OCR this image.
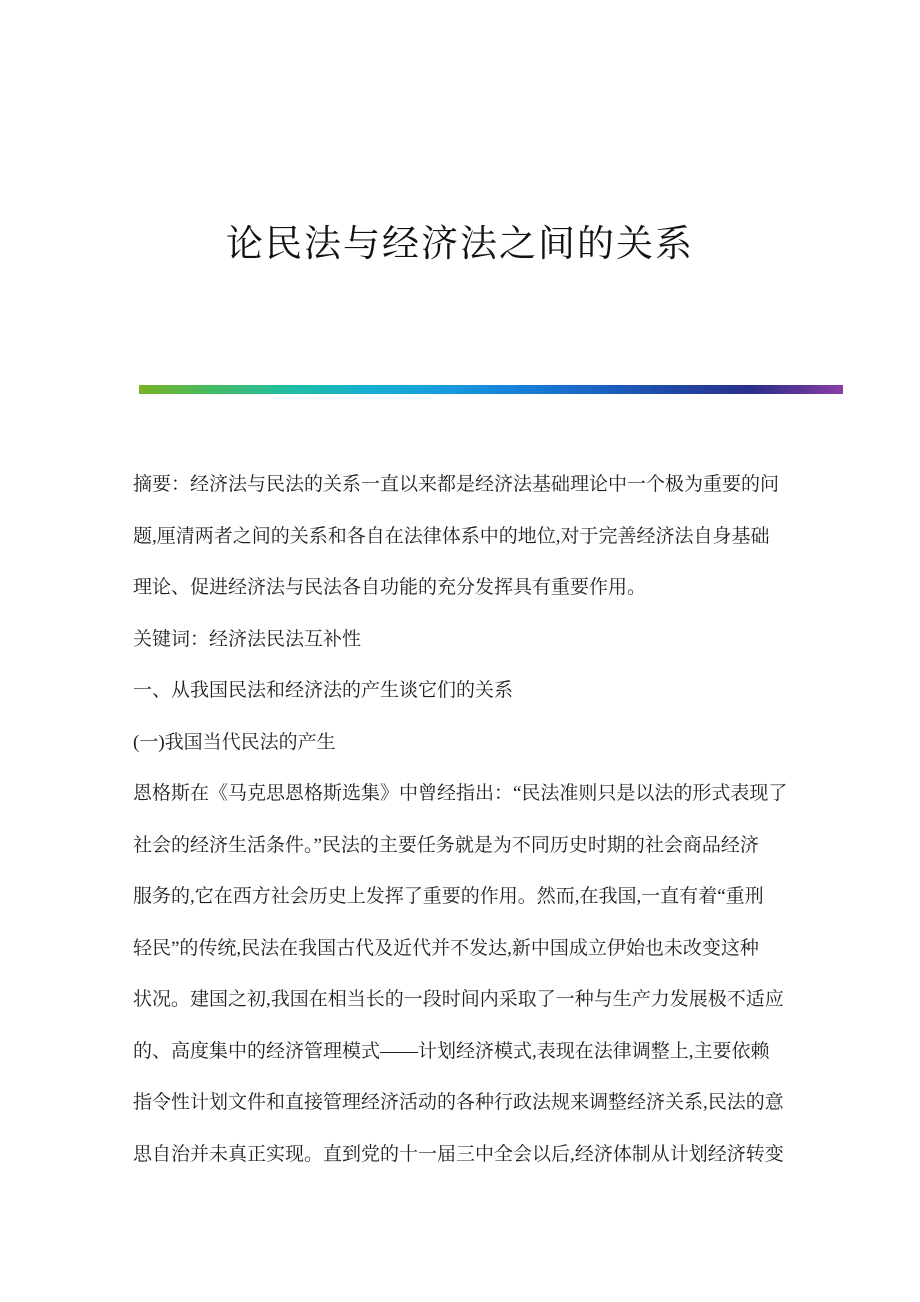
论民法与经济法之间的关系

摘要：经济法与民法的关系一直以来都是经济法基础理论中一个极为重要的问
题,厘清两者之间的关系和各自在法律体系中的地位,对于完善经济法自身基础
理论、促进经济法与民法各自功能的充分发挥具有重要作用。

关键词：经济法民法互补性

一、从我国民法和经济法的产生谈它们的关系

(一)我国当代民法的产生

恩格斯在《马克思恩格斯选集》中曾经指出：“民法准则只是以法的形式表现了
社会的经济生活条件。”民法的主要任务就是为不同历史时期的社会商品经济
服务的,它在西方社会历史上发挥了重要的作用。然而,在我国,一直有着“重刑
轻民”的传统,民法在我国古代及近代并不发达,新中国成立伊始也未改变这种
状况。建国之初,我国在相当长的一段时间内采取了一种与生产力发展极不适应
的、高度集中的经济管理模式——计划经济模式,表现在法律调整上,主要依赖
指令性计划文件和直接管理经济活动的各种行政法规来调整经济关系,民法的意
思自治并未真正实现。直到党的十一届三中全会以后,经济体制从计划经济转变
